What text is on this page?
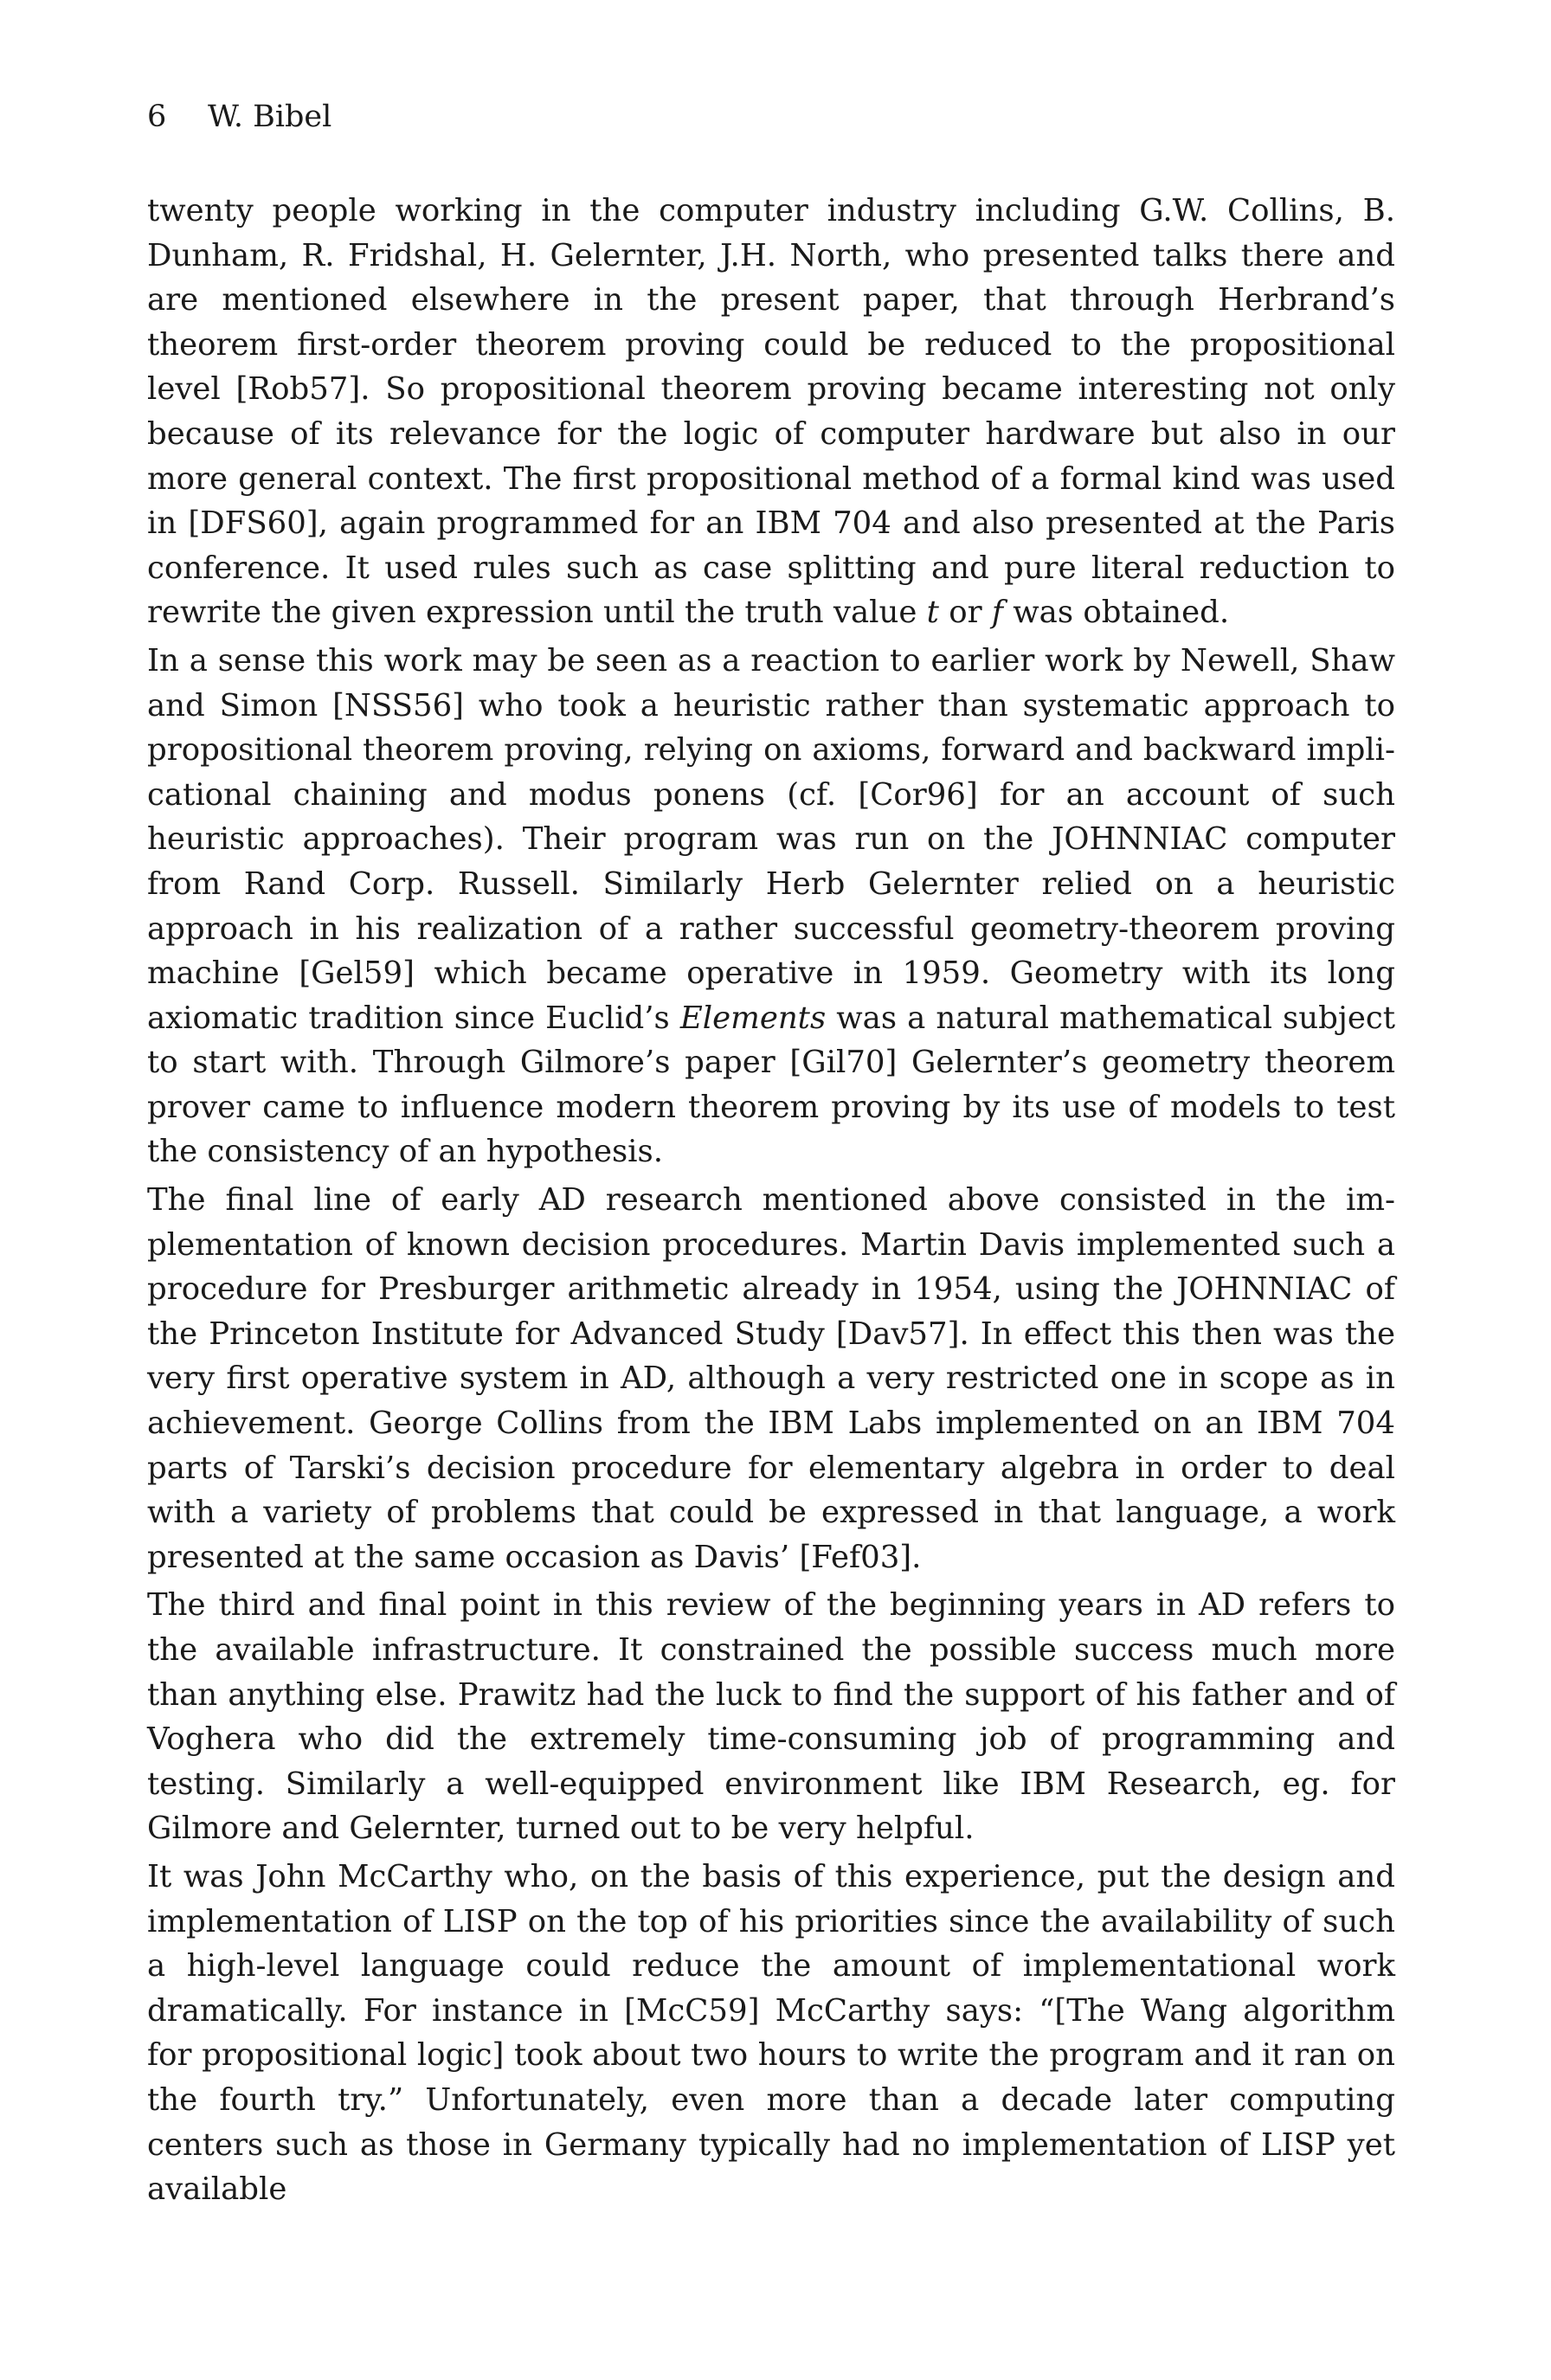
6 W. Bibel

twenty people working in the computer industry including G.W. Collins, B. Dunham, R. Fridshal, H. Gelernter, J.H. North, who presented talks there and are mentioned elsewhere in the present paper, that through Herbrand’s theorem first-order theorem proving could be reduced to the propositional level [Rob57]. So propositional theorem proving became interesting not only because of its relevance for the logic of computer hardware but also in our more general context. The first propositional method of a formal kind was used in [DFS60], again programmed for an IBM 704 and also presented at the Paris conference. It used rules such as case splitting and pure literal reduction to rewrite the given expression until the truth value t or f was obtained.

In a sense this work may be seen as a reaction to earlier work by Newell, Shaw and Simon [NSS56] who took a heuristic rather than systematic approach to propositional theorem proving, relying on axioms, forward and backward implicational chaining and modus ponens (cf. [Cor96] for an account of such heuristic approaches). Their program was run on the JOHNNIAC computer from Rand Corp. Russell. Similarly Herb Gelernter relied on a heuristic approach in his realization of a rather successful geometry-theorem proving machine [Gel59] which became operative in 1959. Geometry with its long axiomatic tradition since Euclid’s Elements was a natural mathematical subject to start with. Through Gilmore’s paper [Gil70] Gelernter’s geometry theorem prover came to influence modern theorem proving by its use of models to test the consistency of an hypothesis.

The final line of early AD research mentioned above consisted in the implementation of known decision procedures. Martin Davis implemented such a procedure for Presburger arithmetic already in 1954, using the JOHNNIAC of the Princeton Institute for Advanced Study [Dav57]. In effect this then was the very first operative system in AD, although a very restricted one in scope as in achievement. George Collins from the IBM Labs implemented on an IBM 704 parts of Tarski’s decision procedure for elementary algebra in order to deal with a variety of problems that could be expressed in that language, a work presented at the same occasion as Davis’ [Fef03].

The third and final point in this review of the beginning years in AD refers to the available infrastructure. It constrained the possible success much more than anything else. Prawitz had the luck to find the support of his father and of Voghera who did the extremely time-consuming job of programming and testing. Similarly a well-equipped environment like IBM Research, eg. for Gilmore and Gelernter, turned out to be very helpful.

It was John McCarthy who, on the basis of this experience, put the design and implementation of LISP on the top of his priorities since the availability of such a high-level language could reduce the amount of implementational work dramatically. For instance in [McC59] McCarthy says: “[The Wang algorithm for propositional logic] took about two hours to write the program and it ran on the fourth try.” Unfortunately, even more than a decade later computing centers such as those in Germany typically had no implementation of LISP yet available
